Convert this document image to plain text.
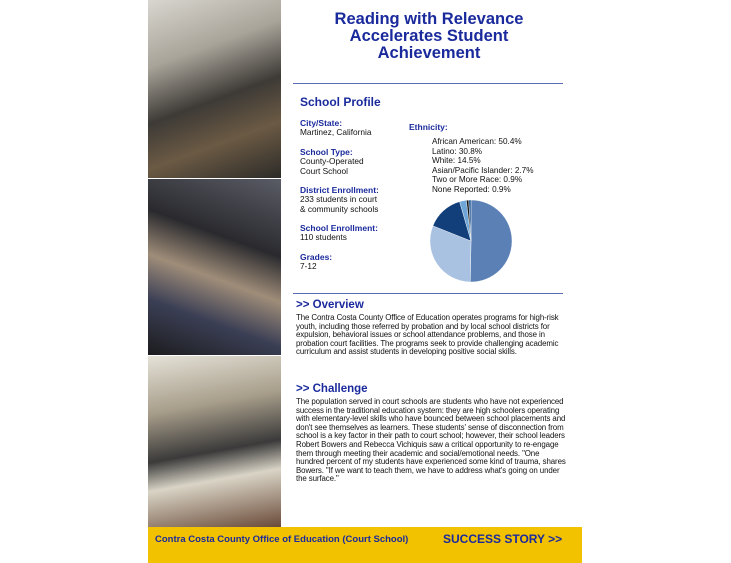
Reading with Relevance
Accelerates Student
Achievement
School Profile
City/State:
Martinez, California
School Type:
County-Operated
Court School
District Enrollment:
233 students in court
& community schools
School Enrollment:
110 students
Grades:
7-12
Ethnicity:
African American: 50.4%
Latino: 30.8%
White: 14.5%
Asian/Pacific Islander: 2.7%
Two or More Race: 0.9%
None Reported: 0.9%
>> Overview
The Contra Costa County Office of Education operates programs for high-risk youth, including those referred by probation and by local school districts for expulsion, behavioral issues or school attendance problems, and those in probation court facilities. The programs seek to provide challenging academic curriculum and assist students in developing positive social skills.
>> Challenge
The population served in court schools are students who have not experienced success in the traditional education system: they are high schoolers operating with elementary-level skills who have bounced between school placements and don't see themselves as learners. These students' sense of disconnection from school is a key factor in their path to court school; however, their school leaders Robert Bowers and Rebecca Vichiquis saw a critical opportunity to re-engage them through meeting their academic and social/emotional needs. "One hundred percent of my students have experienced some kind of trauma, shares Bowers. "If we want to teach them, we have to address what's going on under the surface."
Contra Costa County Office of Education (Court School)	SUCCESS STORY >>
